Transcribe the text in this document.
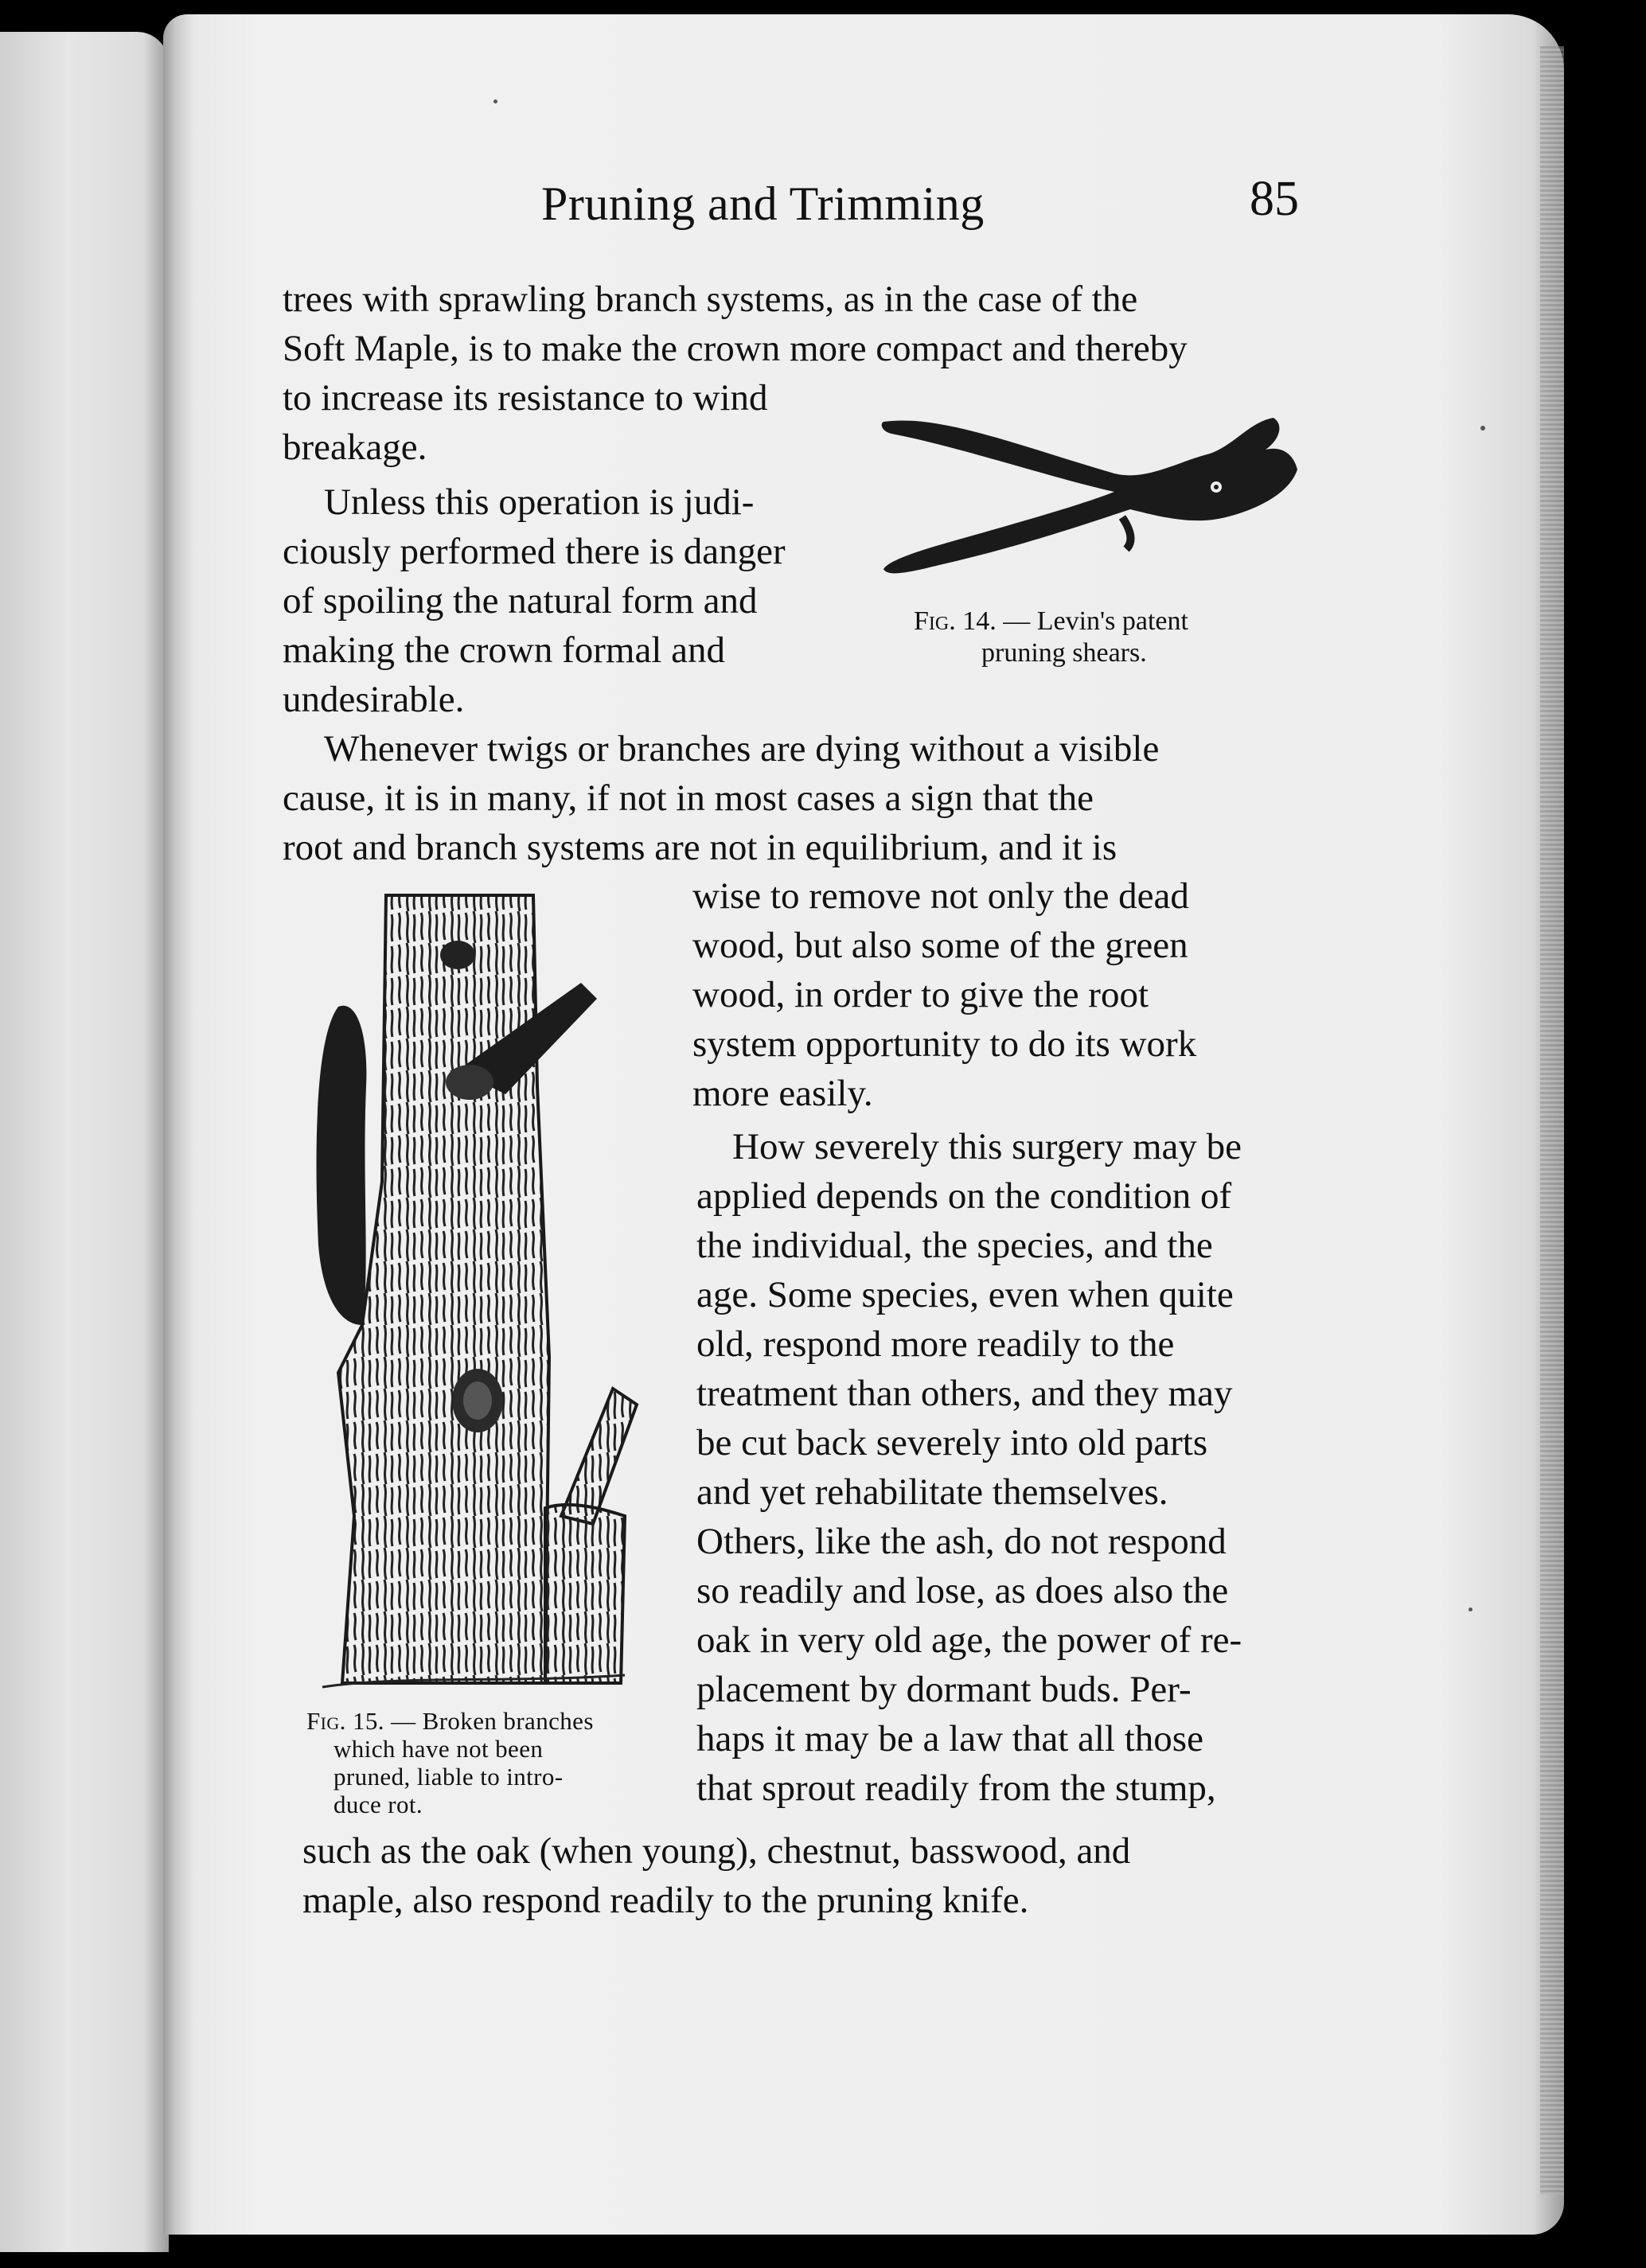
Pruning and Trimming	85
trees with sprawling branch systems, as in the case of the
Soft Maple, is to make the crown more compact and thereby
to increase its resistance to wind
breakage.
Unless this operation is judi-
ciously performed there is danger
of spoiling the natural form and
making the crown formal and
undesirable.
Fig. 14. — Levin's patent
pruning shears.
Whenever twigs or branches are dying without a visible
cause, it is in many, if not in most cases a sign that the
root and branch systems are not in equilibrium, and it is
wise to remove not only the dead
wood, but also some of the green
wood, in order to give the root
system opportunity to do its work
more easily.
How severely this surgery may be
applied depends on the condition of
the individual, the species, and the
age. Some species, even when quite
old, respond more readily to the
treatment than others, and they may
be cut back severely into old parts
and yet rehabilitate themselves.
Others, like the ash, do not respond
so readily and lose, as does also the
oak in very old age, the power of re-
placement by dormant buds. Per-
haps it may be a law that all those
that sprout readily from the stump,
Fig. 15. — Broken branches
which have not been
pruned, liable to intro-
duce rot.
such as the oak (when young), chestnut, basswood, and
maple, also respond readily to the pruning knife.
